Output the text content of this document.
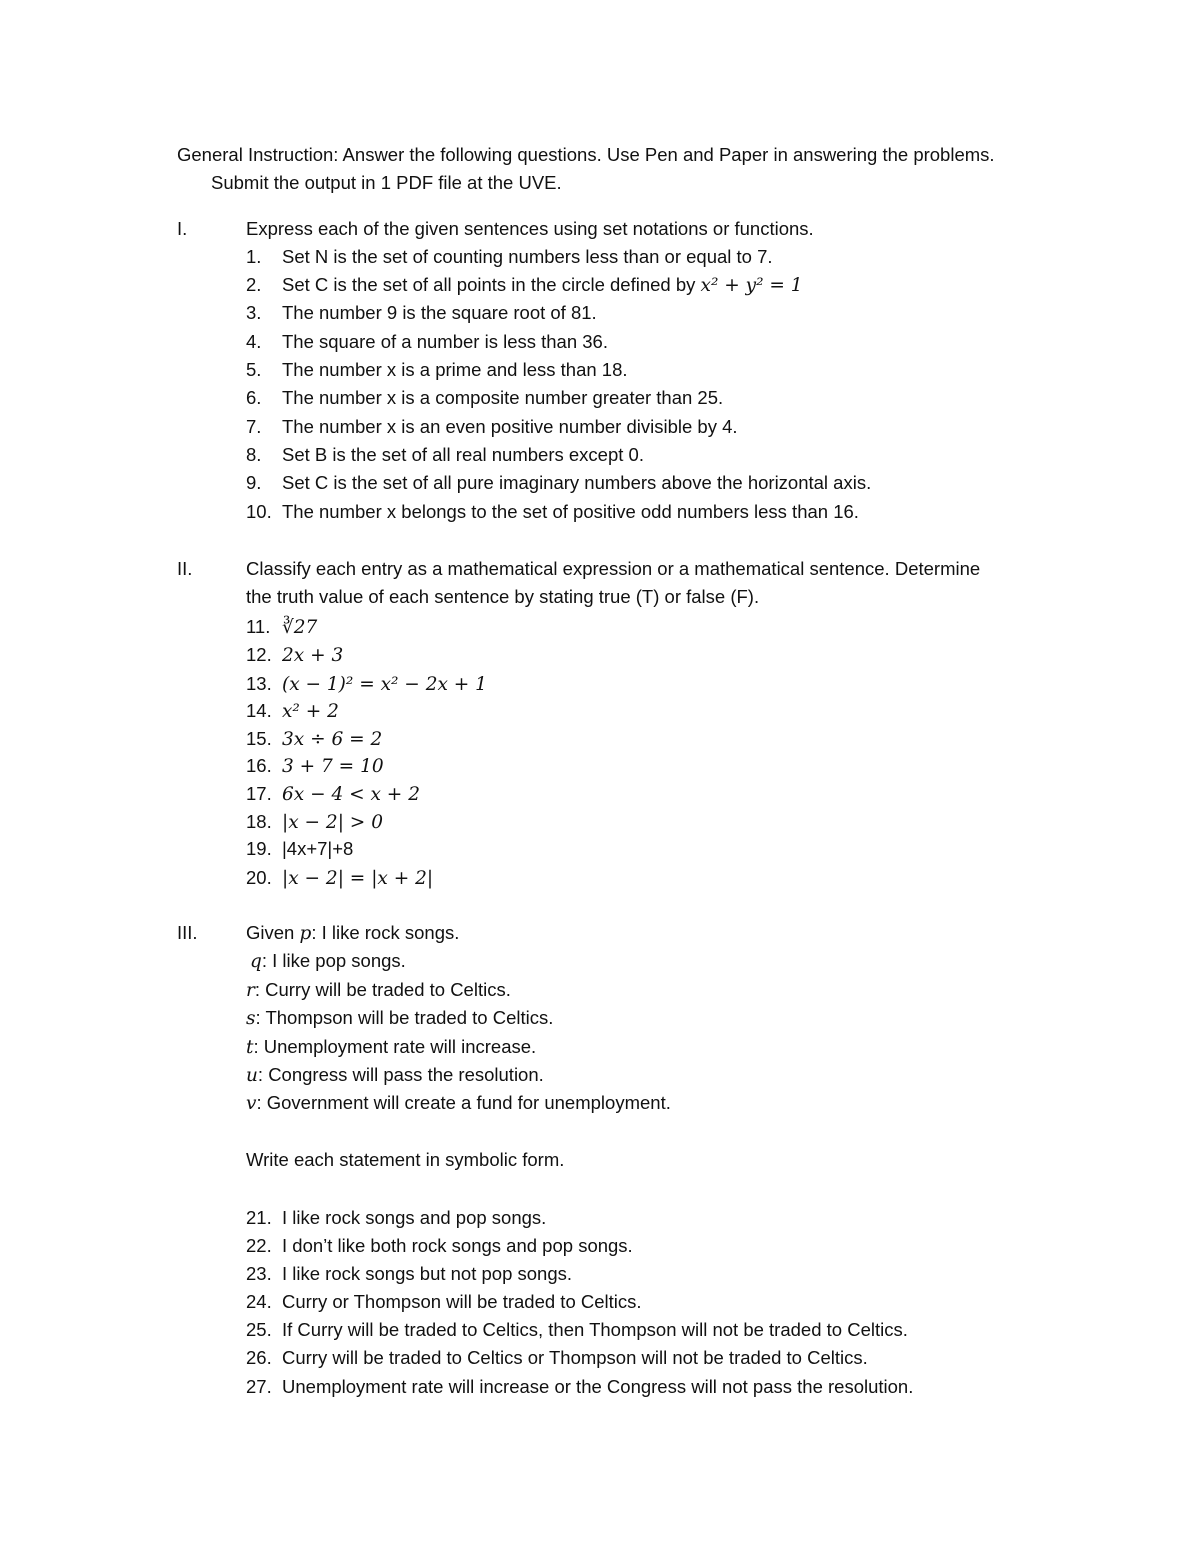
General Instruction: Answer the following questions. Use Pen and Paper in answering the problems.
Submit the output in 1 PDF file at the UVE.
I.	Express each of the given sentences using set notations or functions.
1. Set N is the set of counting numbers less than or equal to 7.
2. Set C is the set of all points in the circle defined by x² + y² = 1
3. The number 9 is the square root of 81.
4. The square of a number is less than 36.
5. The number x is a prime and less than 18.
6. The number x is a composite number greater than 25.
7. The number x is an even positive number divisible by 4.
8. Set B is the set of all real numbers except 0.
9. Set C is the set of all pure imaginary numbers above the horizontal axis.
10. The number x belongs to the set of positive odd numbers less than 16.
II.	Classify each entry as a mathematical expression or a mathematical sentence. Determine
the truth value of each sentence by stating true (T) or false (F).
11. ∛27
12. 2x + 3
13. (x − 1)² = x² − 2x + 1
14. x² + 2
15. 3x ÷ 6 = 2
16. 3 + 7 = 10
17. 6x − 4 < x + 2
18. |x − 2| > 0
19. |4x+7|+8
20. |x − 2| = |x + 2|
III.	Given p: I like rock songs.
q: I like pop songs.
r: Curry will be traded to Celtics.
s: Thompson will be traded to Celtics.
t: Unemployment rate will increase.
u: Congress will pass the resolution.
v: Government will create a fund for unemployment.
Write each statement in symbolic form.
21. I like rock songs and pop songs.
22. I don’t like both rock songs and pop songs.
23. I like rock songs but not pop songs.
24. Curry or Thompson will be traded to Celtics.
25. If Curry will be traded to Celtics, then Thompson will not be traded to Celtics.
26. Curry will be traded to Celtics or Thompson will not be traded to Celtics.
27. Unemployment rate will increase or the Congress will not pass the resolution.
